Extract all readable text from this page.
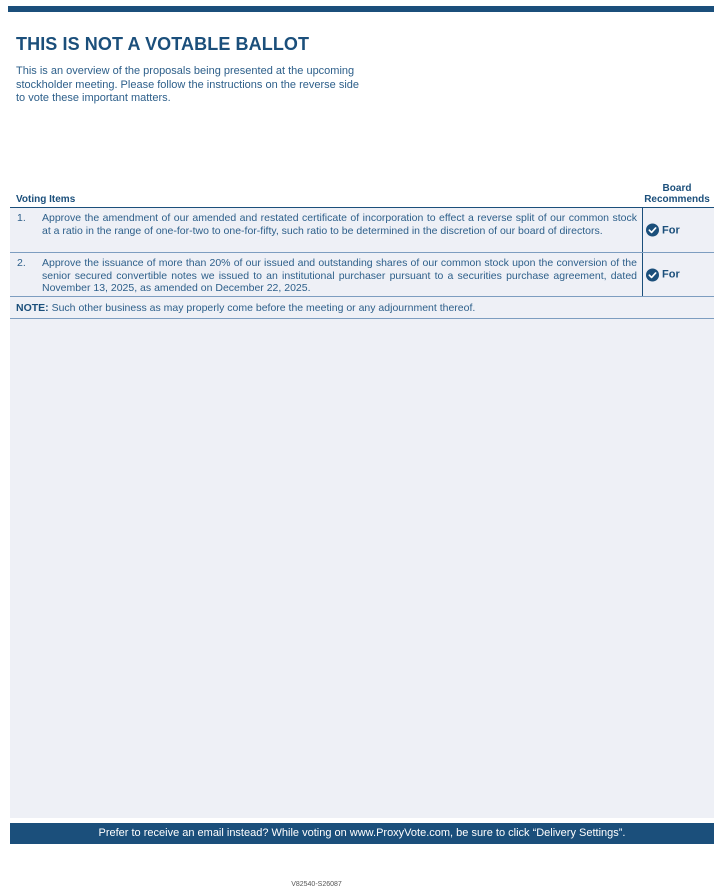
THIS IS NOT A VOTABLE BALLOT
This is an overview of the proposals being presented at the upcoming stockholder meeting. Please follow the instructions on the reverse side to vote these important matters.
Voting Items
Board
Recommends
1. Approve the amendment of our amended and restated certificate of incorporation to effect a reverse split of our common stock at a ratio in the range of one-for-two to one-for-fifty, such ratio to be determined in the discretion of our board of directors.	For
2. Approve the issuance of more than 20% of our issued and outstanding shares of our common stock upon the conversion of the senior secured convertible notes we issued to an institutional purchaser pursuant to a securities purchase agreement, dated November 13, 2025, as amended on December 22, 2025.
For
NOTE: Such other business as may properly come before the meeting or any adjournment thereof.
Prefer to receive an email instead? While voting on www.ProxyVote.com, be sure to click “Delivery Settings”.
V82540-S26087
